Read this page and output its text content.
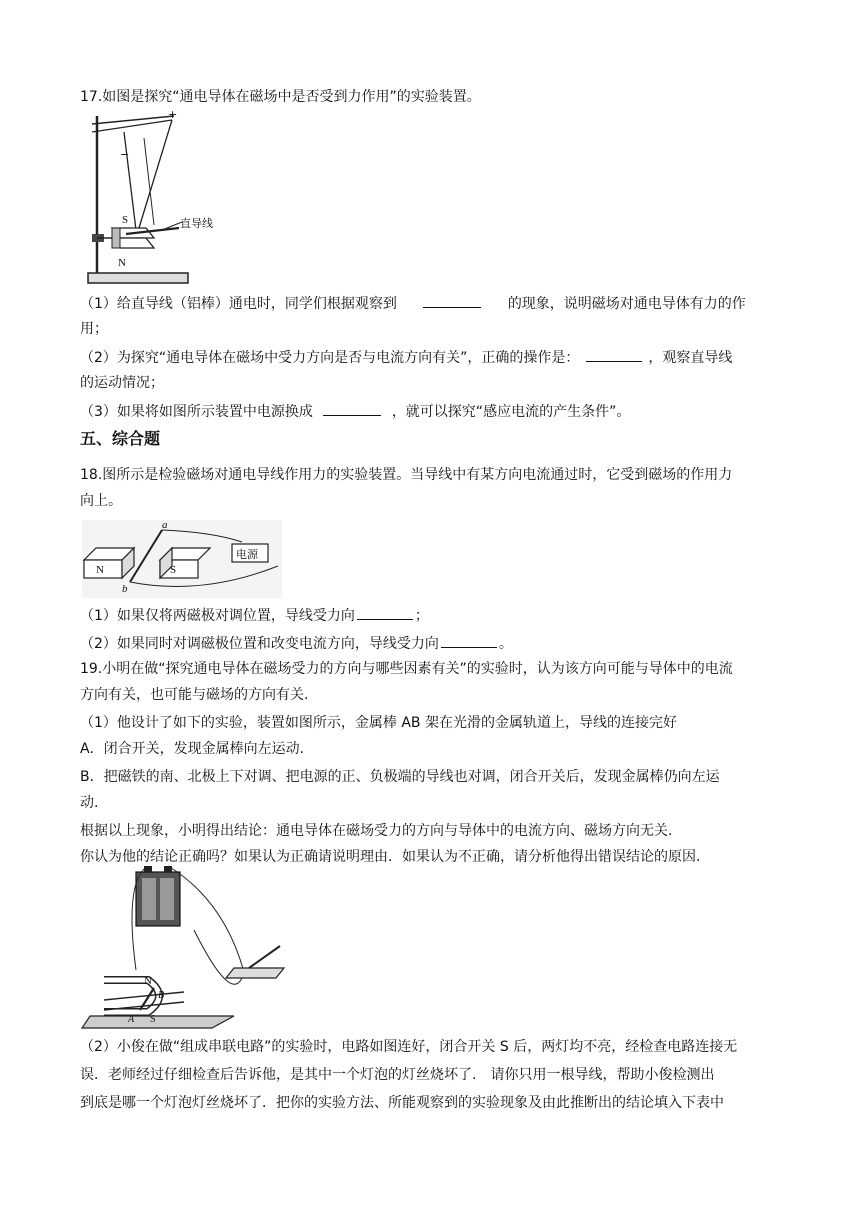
17.如图是探究“通电导体在磁场中是否受到力作用”的实验装置。
S
N
直导线
+
−
（1）给直导线（铝棒）通电时，同学们根据观察到	的现象，说明磁场对通电导体有力的作
用；
（2）为探究“通电导体在磁场中受力方向是否与电流方向有关”，正确的操作是：	，观察直导线
的运动情况；
（3）如果将如图所示装置中电源换成	，就可以探究“感应电流的产生条件”。
五、综合题
18.图所示是检验磁场对通电导线作用力的实验装置。当导线中有某方向电流通过时，它受到磁场的作用力
向上。
N	S
a
b
电源
（1）如果仅将两磁极对调位置，导线受力向	；
（2）如果同时对调磁极位置和改变电流方向，导线受力向	。
19.小明在做“探究通电导体在磁场受力的方向与哪些因素有关”的实验时，认为该方向可能与导体中的电流
方向有关，也可能与磁场的方向有关.
（1）他设计了如下的实验，装置如图所示，金属棒 AB 架在光滑的金属轨道上，导线的连接完好
A．闭合开关，发现金属棒向左运动.
B．把磁铁的南、北极上下对调、把电源的正、负极端的导线也对调，闭合开关后，发现金属棒仍向左运
动.
根据以上现象，小明得出结论：通电导体在磁场受力的方向与导体中的电流方向、磁场方向无关.
你认为他的结论正确吗？如果认为正确请说明理由．如果认为不正确，请分析他得出错误结论的原因.
N
B
A S
（2）小俊在做“组成串联电路”的实验时，电路如图连好，闭合开关 S 后，两灯均不亮，经检查电路连接无
误．老师经过仔细检查后告诉他，是其中一个灯泡的灯丝烧坏了.　请你只用一根导线，帮助小俊检测出
到底是哪一个灯泡灯丝烧坏了．把你的实验方法、所能观察到的实验现象及由此推断出的结论填入下表中
